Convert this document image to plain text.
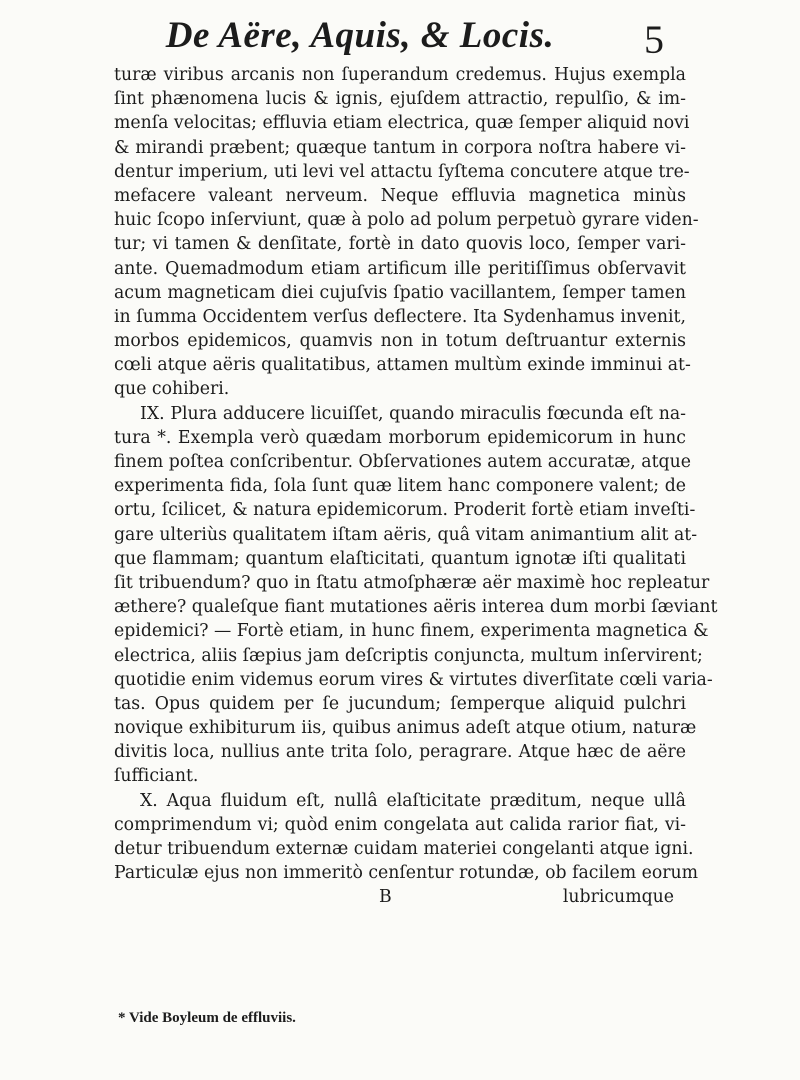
De Aëre, Aquis, & Locis.	5
turæ viribus arcanis non ſuperandum credemus. Hujus exempla
ſint phænomena lucis & ignis, ejuſdem attractio, repulſio, & im-
menſa velocitas; effluvia etiam electrica, quæ ſemper aliquid novi
& mirandi præbent; quæque tantum in corpora noſtra habere vi-
dentur imperium, uti levi vel attactu ſyſtema concutere atque tre-
mefacere valeant nerveum. Neque effluvia magnetica minùs
huic ſcopo inſerviunt, quæ à polo ad polum perpetuò gyrare viden-
tur; vi tamen & denſitate, fortè in dato quovis loco, ſemper vari-
ante. Quemadmodum etiam artificum ille peritiſſimus obſervavit
acum magneticam diei cujuſvis ſpatio vacillantem, ſemper tamen
in ſumma Occidentem verſus deflectere. Ita Sydenhamus invenit,
morbos epidemicos, quamvis non in totum deſtruantur externis
cœli atque aëris qualitatibus, attamen multùm exinde imminui at-
que cohiberi.
IX. Plura adducere licuiſſet, quando miraculis fœcunda eſt na-
tura *. Exempla verò quædam morborum epidemicorum in hunc
finem poſtea conſcribentur. Obſervationes autem accuratæ, atque
experimenta fida, ſola ſunt quæ litem hanc componere valent; de
ortu, ſcilicet, & natura epidemicorum. Proderit fortè etiam inveſti-
gare ulteriùs qualitatem iſtam aëris, quâ vitam animantium alit at-
que flammam; quantum elaſticitati, quantum ignotæ iſti qualitati
ſit tribuendum? quo in ſtatu atmoſphæræ aër maximè hoc repleatur
æthere? qualeſque fiant mutationes aëris interea dum morbi ſæviant
epidemici? — Fortè etiam, in hunc finem, experimenta magnetica &
electrica, aliis ſæpius jam deſcriptis conjuncta, multum inſervirent;
quotidie enim videmus eorum vires & virtutes diverſitate cœli varia-
tas. Opus quidem per ſe jucundum; ſemperque aliquid pulchri
novique exhibiturum iis, quibus animus adeſt atque otium, naturæ
divitis loca, nullius ante trita ſolo, peragrare. Atque hæc de aëre
ſufficiant.
X. Aqua fluidum eſt, nullâ elaſticitate præditum, neque ullâ
comprimendum vi; quòd enim congelata aut calida rarior fiat, vi-
detur tribuendum externæ cuidam materiei congelanti atque igni.
Particulæ ejus non immeritò cenſentur rotundæ, ob facilem eorum
B	lubricumque
* Vide Boyleum de effluviis.
